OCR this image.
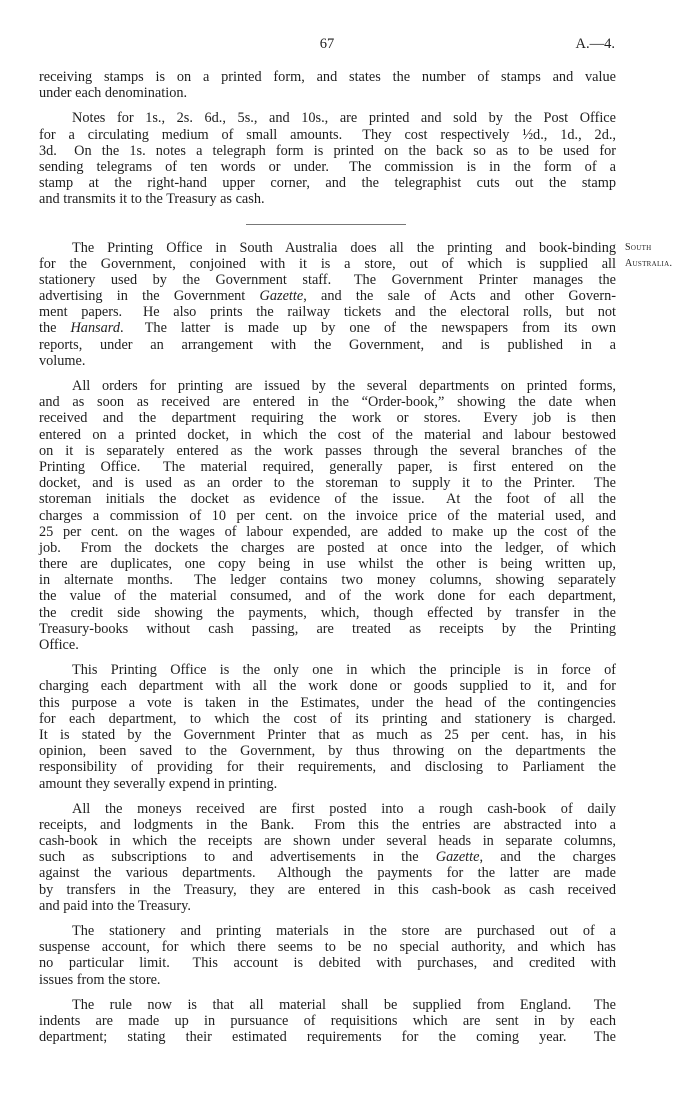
67	A.—4.
South
Australia.
receiving stamps is on a printed form, and states the number of stamps and value
under each denomination.
Notes for 1s., 2s. 6d., 5s., and 10s., are printed and sold by the Post Office
for a circulating medium of small amounts.  They cost respectively ½d., 1d., 2d.,
3d.  On the 1s. notes a telegraph form is printed on the back so as to be used for
sending telegrams of ten words or under.  The commission is in the form of a
stamp at the right-hand upper corner, and the telegraphist cuts out the stamp
and transmits it to the Treasury as cash.
The Printing Office in South Australia does all the printing and book-binding
for the Government, conjoined with it is a store, out of which is supplied all
stationery used by the Government staff.  The Government Printer manages the
advertising in the Government Gazette, and the sale of Acts and other Govern-
ment papers.  He also prints the railway tickets and the electoral rolls, but not
the Hansard.  The latter is made up by one of the newspapers from its own
reports, under an arrangement with the Government, and is published in a
volume.
All orders for printing are issued by the several departments on printed forms,
and as soon as received are entered in the “Order-book,” showing the date when
received and the department requiring the work or stores.  Every job is then
entered on a printed docket, in which the cost of the material and labour bestowed
on it is separately entered as the work passes through the several branches of the
Printing Office.  The material required, generally paper, is first entered on the
docket, and is used as an order to the storeman to supply it to the Printer.  The
storeman initials the docket as evidence of the issue.  At the foot of all the
charges a commission of 10 per cent. on the invoice price of the material used, and
25 per cent. on the wages of labour expended, are added to make up the cost of the
job.  From the dockets the charges are posted at once into the ledger, of which
there are duplicates, one copy being in use whilst the other is being written up,
in alternate months.  The ledger contains two money columns, showing separately
the value of the material consumed, and of the work done for each department,
the credit side showing the payments, which, though effected by transfer in the
Treasury-books without cash passing, are treated as receipts by the Printing
Office.
This Printing Office is the only one in which the principle is in force of
charging each department with all the work done or goods supplied to it, and for
this purpose a vote is taken in the Estimates, under the head of the contingencies
for each department, to which the cost of its printing and stationery is charged.
It is stated by the Government Printer that as much as 25 per cent. has, in his
opinion, been saved to the Government, by thus throwing on the departments the
responsibility of providing for their requirements, and disclosing to Parliament the
amount they severally expend in printing.
All the moneys received are first posted into a rough cash-book of daily
receipts, and lodgments in the Bank.  From this the entries are abstracted into a
cash-book in which the receipts are shown under several heads in separate columns,
such as subscriptions to and advertisements in the Gazette, and the charges
against the various departments.  Although the payments for the latter are made
by transfers in the Treasury, they are entered in this cash-book as cash received
and paid into the Treasury.
The stationery and printing materials in the store are purchased out of a
suspense account, for which there seems to be no special authority, and which has
no particular limit.  This account is debited with purchases, and credited with
issues from the store.
The rule now is that all material shall be supplied from England.  The
indents are made up in pursuance of requisitions which are sent in by each
department; stating their estimated requirements for the coming year.  The
